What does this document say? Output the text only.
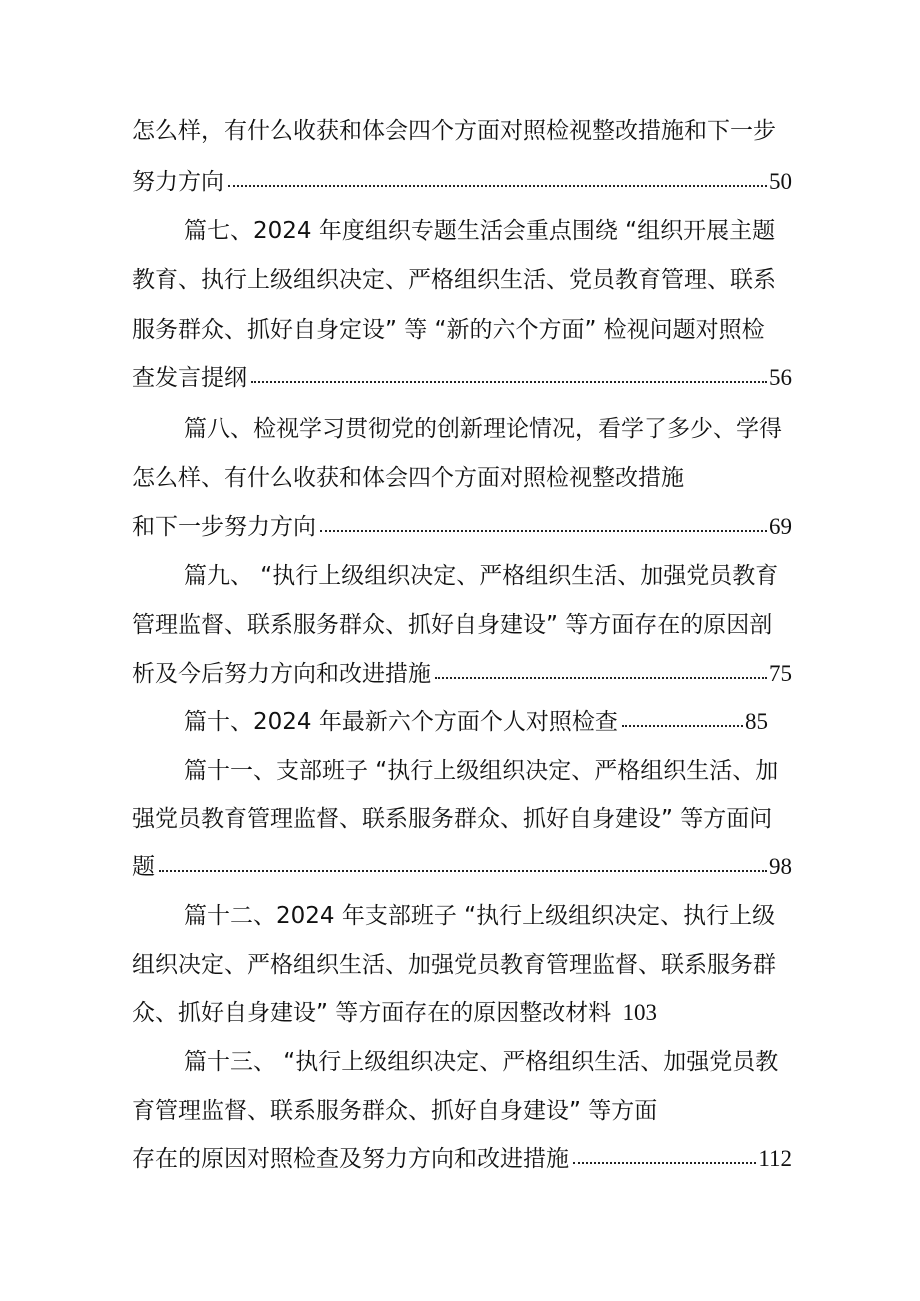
怎么样，有什么收获和体会四个方面对照检视整改措施和下一步
努力方向	50
篇七、2024 年度组织专题生活会重点围绕 “组织开展主题
教育、执行上级组织决定、严格组织生活、党员教育管理、联系
服务群众、抓好自身定设” 等 “新的六个方面” 检视问题对照检
查发言提纲	56
篇八、检视学习贯彻党的创新理论情况，看学了多少、学得
怎么样、有什么收获和体会四个方面对照检视整改措施
和下一步努力方向	69
篇九、 “执行上级组织决定、严格组织生活、加强党员教育
管理监督、联系服务群众、抓好自身建设” 等方面存在的原因剖
析及今后努力方向和改进措施	75
篇十、2024 年最新六个方面个人对照检查	85
篇十一、支部班子 “执行上级组织决定、严格组织生活、加
强党员教育管理监督、联系服务群众、抓好自身建设” 等方面问
题	98
篇十二、2024 年支部班子 “执行上级组织决定、执行上级
组织决定、严格组织生活、加强党员教育管理监督、联系服务群
众、抓好自身建设” 等方面存在的原因整改材料 103
篇十三、 “执行上级组织决定、严格组织生活、加强党员教
育管理监督、联系服务群众、抓好自身建设” 等方面
存在的原因对照检查及努力方向和改进措施	112
